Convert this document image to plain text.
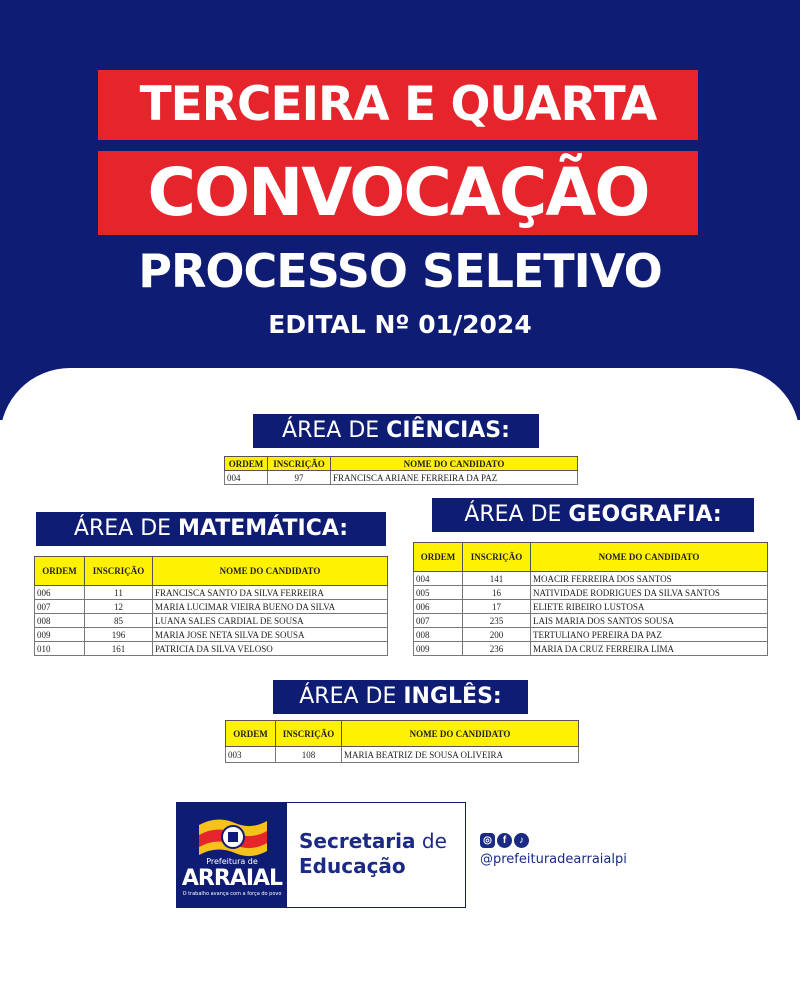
TERCEIRA E QUARTA
CONVOCAÇÃO
PROCESSO SELETIVO
EDITAL Nº 01/2024
ÁREA DE CIÊNCIAS:
ORDEM	INSCRIÇÃO	NOME DO CANDIDATO
004	97	FRANCISCA ARIANE FERREIRA DA PAZ
ÁREA DE MATEMÁTICA:
ORDEM	INSCRIÇÃO	NOME DO CANDIDATO
006	11	FRANCISCA SANTO DA SILVA FERREIRA
007	12	MARIA LUCIMAR VIEIRA BUENO DA SILVA
008	85	LUANA SALES CARDIAL DE SOUSA
009	196	MARIA JOSE NETA SILVA DE SOUSA
010	161	PATRICIA DA SILVA VELOSO
ÁREA DE GEOGRAFIA:
ORDEM	INSCRIÇÃO	NOME DO CANDIDATO
004	141	MOACIR FERREIRA DOS SANTOS
005	16	NATIVIDADE RODRIGUES DA SILVA SANTOS
006	17	ELIETE RIBEIRO LUSTOSA
007	235	LAIS MARIA DOS SANTOS SOUSA
008	200	TERTULIANO PEREIRA DA PAZ
009	236	MARIA DA CRUZ FERREIRA LIMA
ÁREA DE INGLÊS:
ORDEM	INSCRIÇÃO	NOME DO CANDIDATO
003	108	MARIA BEATRIZ DE SOUSA OLIVEIRA
Prefeitura de
ARRAIAL
O trabalho avança com a força do povo
Secretaria de
Educação
◎ f ♪
@prefeituradearraialpi
